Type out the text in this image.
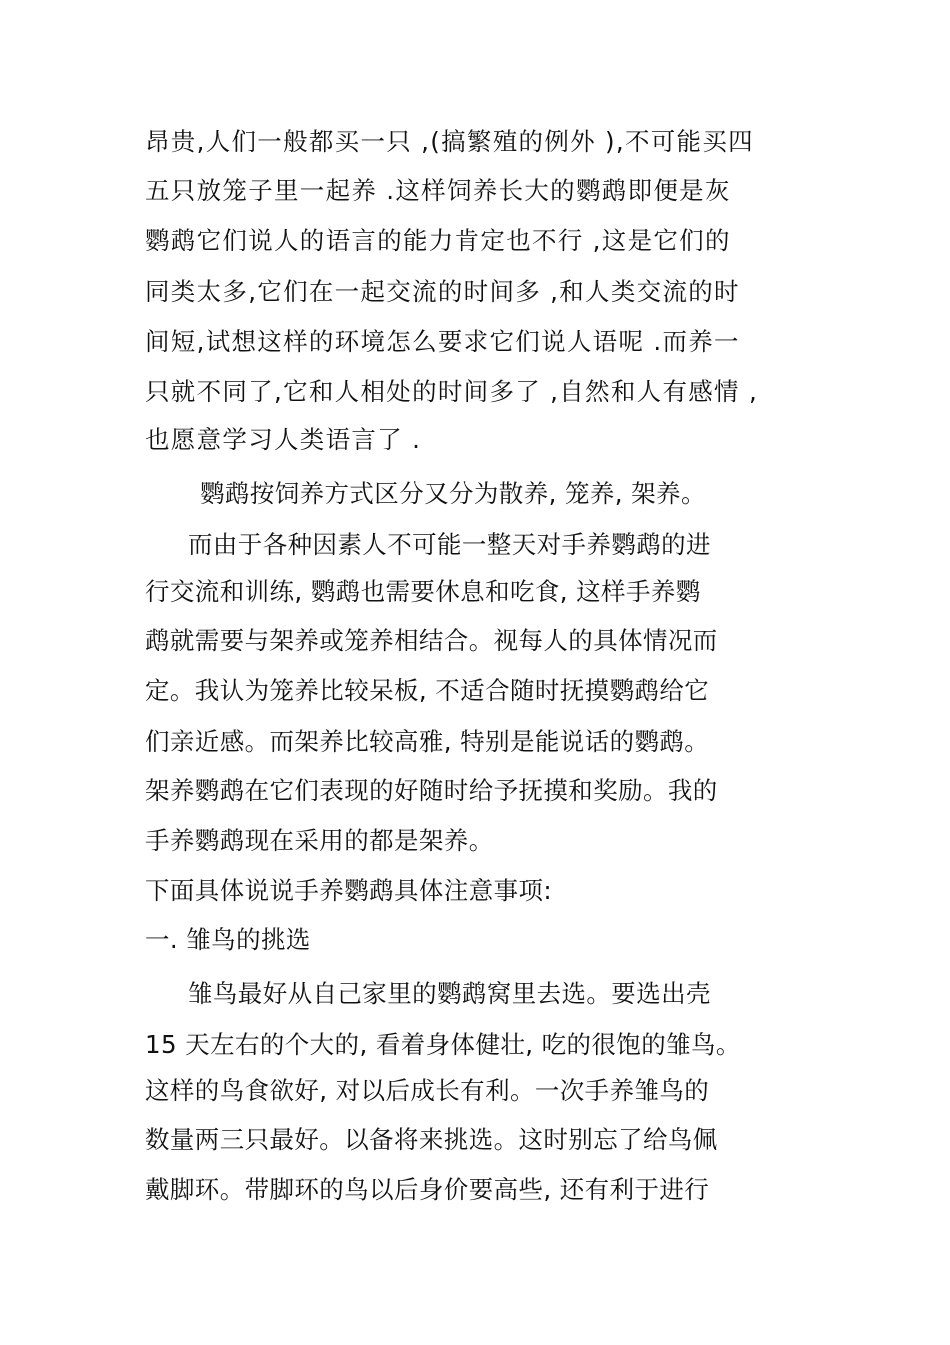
昂贵,人们一般都买一只 ,(搞繁殖的例外 ),不可能买四
五只放笼子里一起养 .这样饲养长大的鹦鹉即便是灰
鹦鹉它们说人的语言的能力肯定也不行 ,这是它们的
同类太多,它们在一起交流的时间多 ,和人类交流的时
间短,试想这样的环境怎么要求它们说人语呢 .而养一
只就不同了,它和人相处的时间多了 ,自然和人有感情 ,
也愿意学习人类语言了 .
鹦鹉按饲养方式区分又分为散养, 笼养, 架养。
而由于各种因素人不可能一整天对手养鹦鹉的进
行交流和训练, 鹦鹉也需要休息和吃食, 这样手养鹦
鹉就需要与架养或笼养相结合。视每人的具体情况而
定。我认为笼养比较呆板, 不适合随时抚摸鹦鹉给它
们亲近感。而架养比较高雅, 特别是能说话的鹦鹉。
架养鹦鹉在它们表现的好随时给予抚摸和奖励。我的
手养鹦鹉现在采用的都是架养。
下面具体说说手养鹦鹉具体注意事项:
一. 雏鸟的挑选
雏鸟最好从自己家里的鹦鹉窝里去选。要选出壳
15 天左右的个大的, 看着身体健壮, 吃的很饱的雏鸟。
这样的鸟食欲好, 对以后成长有利。一次手养雏鸟的
数量两三只最好。以备将来挑选。这时别忘了给鸟佩
戴脚环。带脚环的鸟以后身价要高些, 还有利于进行
